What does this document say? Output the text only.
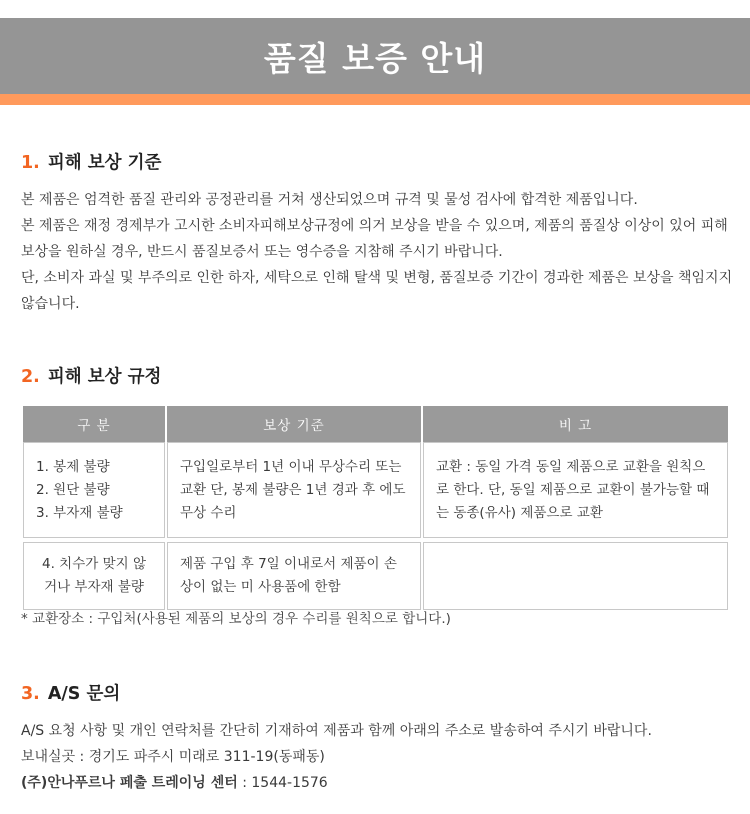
품질 보증 안내
1. 피해 보상 기준

본 제품은 엄격한 품질 관리와 공정관리를 거쳐 생산되었으며 규격 및 물성 검사에 합격한 제품입니다.

본 제품은 재정 경제부가 고시한 소비자피해보상규정에 의거 보상을 받을 수 있으며, 제품의 품질상 이상이 있어 피해보상을 원하실 경우, 반드시 품질보증서 또는 영수증을 지참해 주시기 바랍니다.

단, 소비자 과실 및 부주의로 인한 하자, 세탁으로 인해 탈색 및 변형, 품질보증 기간이 경과한 제품은 보상을 책임지지 않습니다.

2. 피해 보상 규정
구 분	보상 기준	비 고

1. 봉제 불량
2. 원단 불량
3. 부자재 불량	구입일로부터 1년 이내 무상수리 또는 교환 단, 봉제 불량은 1년 경과 후 에도무상 수리	교환 : 동일 가격 동일 제품으로 교환을 원칙으로 한다. 단, 동일 제품으로 교환이 불가능할 때는 동종(유사) 제품으로 교환

4. 치수가 맞지 않거나 부자재 불량	제품 구입 후 7일 이내로서 제품이 손상이 없는 미 사용품에 한함	
* 교환장소 : 구입처(사용된 제품의 보상의 경우 수리를 원칙으로 합니다.)
3. A/S 문의

A/S 요청 사항 및 개인 연락처를 간단히 기재하여 제품과 함께 아래의 주소로 발송하여 주시기 바랍니다.

보내실곳 : 경기도 파주시 미래로 311-19(동패동)

(주)안나푸르나 페출 트레이닝 센터 : 1544-1576
